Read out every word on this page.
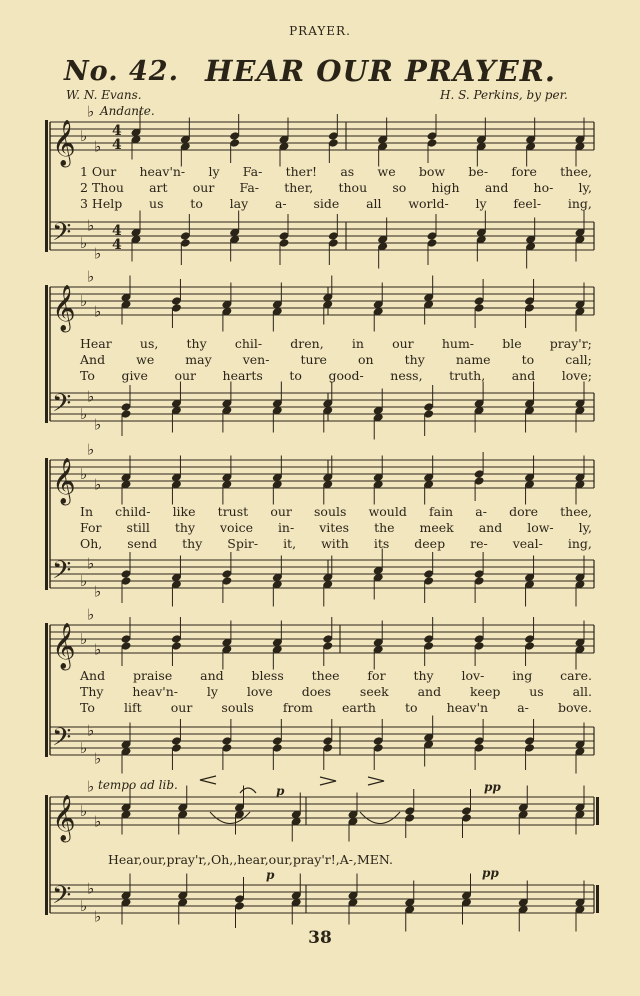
PRAYER.
No. 42. HEAR OUR PRAYER.
W. N. Evans.	H. S. Perkins, by per.
Andante.
tempo ad lib.	p	pp
p	pp
1 Our heav'n- ly Fa- ther! as we bow be- fore thee,
2 Thou art our Fa- ther, thou so high and ho- ly,
3 Help us to lay a- side all world- ly feel- ing,
Hear us, thy chil- dren, in our hum- ble pray'r;
And we may ven- ture on thy name to call;
To give our hearts to good- ness, truth, and love;
In child- like trust our souls would fain a- dore thee,
For still thy voice in- vites the meek and low- ly,
Oh, send thy Spir- it, with its deep re- veal- ing,
And praise and bless thee for thy lov- ing care.
Thy heav'n- ly love does seek and keep us all.
To lift our souls from earth to heav'n a- bove.
Hear,our,pray'r,,Oh,,hear,our,pray'r!,A-,MEN.
𝄞
𝄢
♭
♭
♭
♭
♭
♭
4
4
4
4
𝄞
𝄢
♭
♭
♭
♭
♭
♭
𝄞
𝄢
♭
♭
♭
♭
♭
♭
𝄞
𝄢
♭
♭
♭
♭
♭
♭
𝄞
𝄢
♭
♭
♭
♭
♭
♭
38
